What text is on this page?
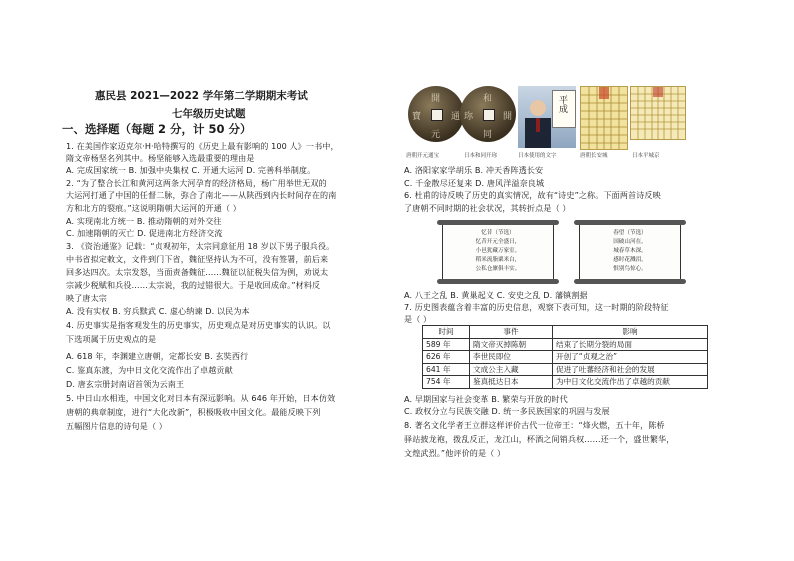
惠民县 2021—2022 学年第二学期期末考试
七年级历史试题
一、选择题（每题 2 分，计 50 分）
1. 在美国作家迈克尔·H·哈特撰写的《历史上最有影响的 100 人》一书中，
隋文帝杨坚名列其中。杨坚能够入选最重要的理由是
A. 完成国家统一 B. 加强中央集权 C. 开通大运河 D. 完善科举制度。
2. “为了整合长江和黄河这两条大河孕育的经济格局，杨广用举世无双的
大运河打通了中国的任督二脉，弥合了南北——从陕西到内长时间存在的南
方和北方的裂痕。”这说明隋朝大运河的开通（ ）
A. 实现南北方统一 B. 推动隋朝的对外交往
C. 加速隋朝的灭亡 D. 促进南北方经济交流
3. 《资治通鉴》记载：“贞观初年，太宗同意征用 18 岁以下男子服兵役。
中书省拟定敕文，文件到门下省，魏征坚持认为不可，没有签署，前后来
回多达四次。太宗发怒，当面责备魏征……魏征以征税失信为例，劝说太
宗减少税赋和兵役……太宗说，我的过错很大。于是收回成命。”材料反
映了唐太宗
A. 没有实权 B. 穷兵黩武 C. 虚心纳谏 D. 以民为本
4. 历史事实是指客观发生的历史事实，历史观点是对历史事实的认识。以
下选项属于历史观点的是
A. 618 年，李渊建立唐朝，定都长安 B. 玄奘西行
C. 鉴真东渡，为中日文化交流作出了卓越贡献
D. 唐玄宗册封南诏首领为云南王
5. 中日山水相连，中国文化对日本有深远影响。从 646 年开始，日本仿效
唐朝的典章制度，进行“大化改新”，积极吸收中国文化。最能反映下列
五幅图片信息的诗句是（ ）
開
元
通
寶
和
同
開
珎
平成
唐朝开元通宝	日本和同开珎	日本使用的文字	唐朝长安城	日本平城京
A. 洛阳家家学胡乐 B. 冲天香阵透长安
C. 千金散尽还复来 D. 唐风洋溢奈良城
6. 杜甫的诗反映了历史的真实情况，故有“诗史”之称。下面两首诗反映
了唐朝不同时期的社会状况，其转折点是（ ）
忆昔（节选）
忆昔开元全盛日，
小邑犹藏万家室。
稻米流脂粟米白，
公私仓廪俱丰实。
春望（节选）
国破山河在，
城春草木深。
感时花溅泪，
恨别鸟惊心。
A. 八王之乱 B. 黄巢起义 C. 安史之乱 D. 藩镇割据
7. 历史图表蕴含着丰富的历史信息，观察下表可知，这一时期的阶段特征
是（ ）
时间	事件	影响
589 年	隋文帝灭掉陈朝	结束了长期分裂的局面
626 年	李世民即位	开创了“贞观之治”
641 年	文成公主入藏	促进了吐蕃经济和社会的发展
754 年	鉴真抵达日本	为中日文化交流作出了卓越的贡献
A. 早期国家与社会变革 B. 繁荣与开放的时代
C. 政权分立与民族交融 D. 统一多民族国家的巩固与发展
8. 著名文化学者王立群这样评价古代一位帝王：“烽火燃，五十年，陈桥
驿站披龙袍，拨乱反正，龙江山，杯酒之间销兵权……还一个，盛世繁华，
文煌武烈。”他评价的是（ ）
